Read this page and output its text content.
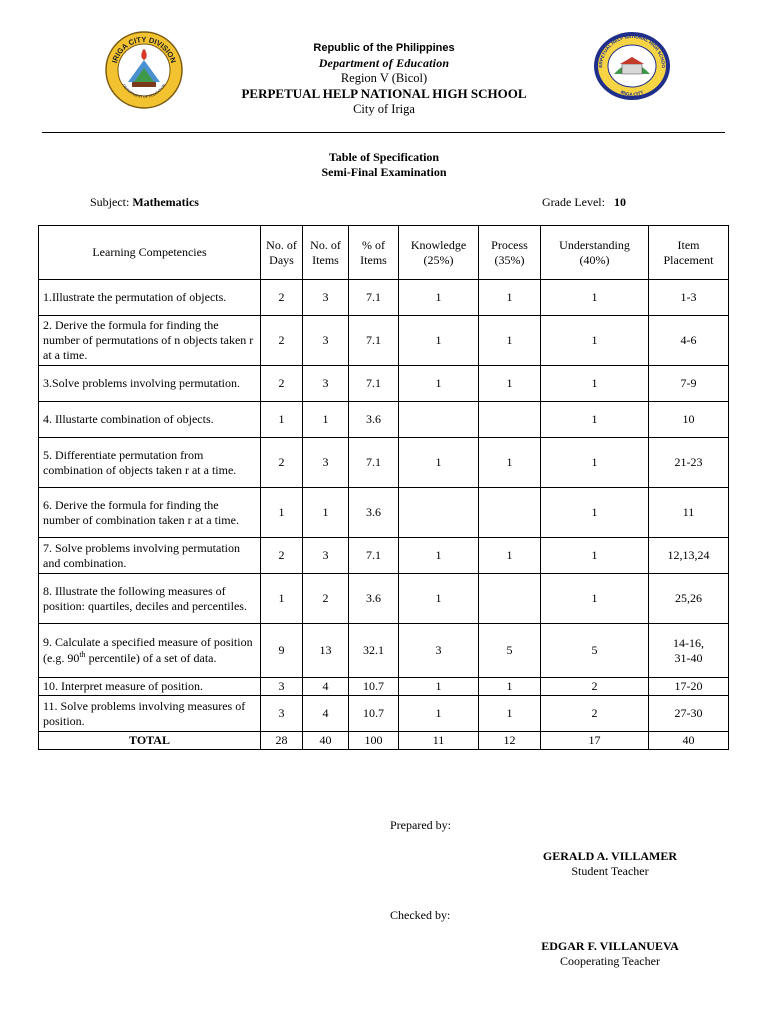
IRIGA CITY DIVISION
DEPARTMENT OF EDUCATION
ERPETUAL HELP NATIONAL HIGH SCHOO
IRIGA CITY
Republic of the Philippines
Department of Education
Region V (Bicol)
PERPETUAL HELP NATIONAL HIGH SCHOOL
City of Iriga
Table of Specification
Semi-Final Examination
Subject: Mathematics	Grade Level: 10
Learning Competencies	No. of Days	No. of Items	% of Items	Knowledge (25%)	Process (35%)	Understanding (40%)	Item Placement
1.Illustrate the permutation of objects.	2	3	7.1	1	1	1	1-3
2. Derive the formula for finding the number of permutations of n objects taken r at a time.	2	3	7.1	1	1	1	4-6
3.Solve problems involving permutation.	2	3	7.1	1	1	1	7-9
4. Illustarte combination of objects.	1	1	3.6			1	10
5. Differentiate permutation from combination of objects taken r at a time.	2	3	7.1	1	1	1	21-23
6. Derive the formula for finding the number of combination taken r at a time.	1	1	3.6			1	11
7. Solve problems involving permutation and combination.	2	3	7.1	1	1	1	12,13,24
8. Illustrate the following measures of position: quartiles, deciles and percentiles.	1	2	3.6	1		1	25,26
9. Calculate a specified measure of position (e.g. 90th percentile) of a set of data.	9	13	32.1	3	5	5	14-16,
31-40

10. Interpret measure of position.	3	4	10.7	1	1	2	17-20
11. Solve problems involving measures of position.	3	4	10.7	1	1	2	27-30
TOTAL	28	40	100	11	12	17	40
Prepared by:
GERALD A. VILLAMER
Student Teacher
Checked by:
EDGAR F. VILLANUEVA
Cooperating Teacher
